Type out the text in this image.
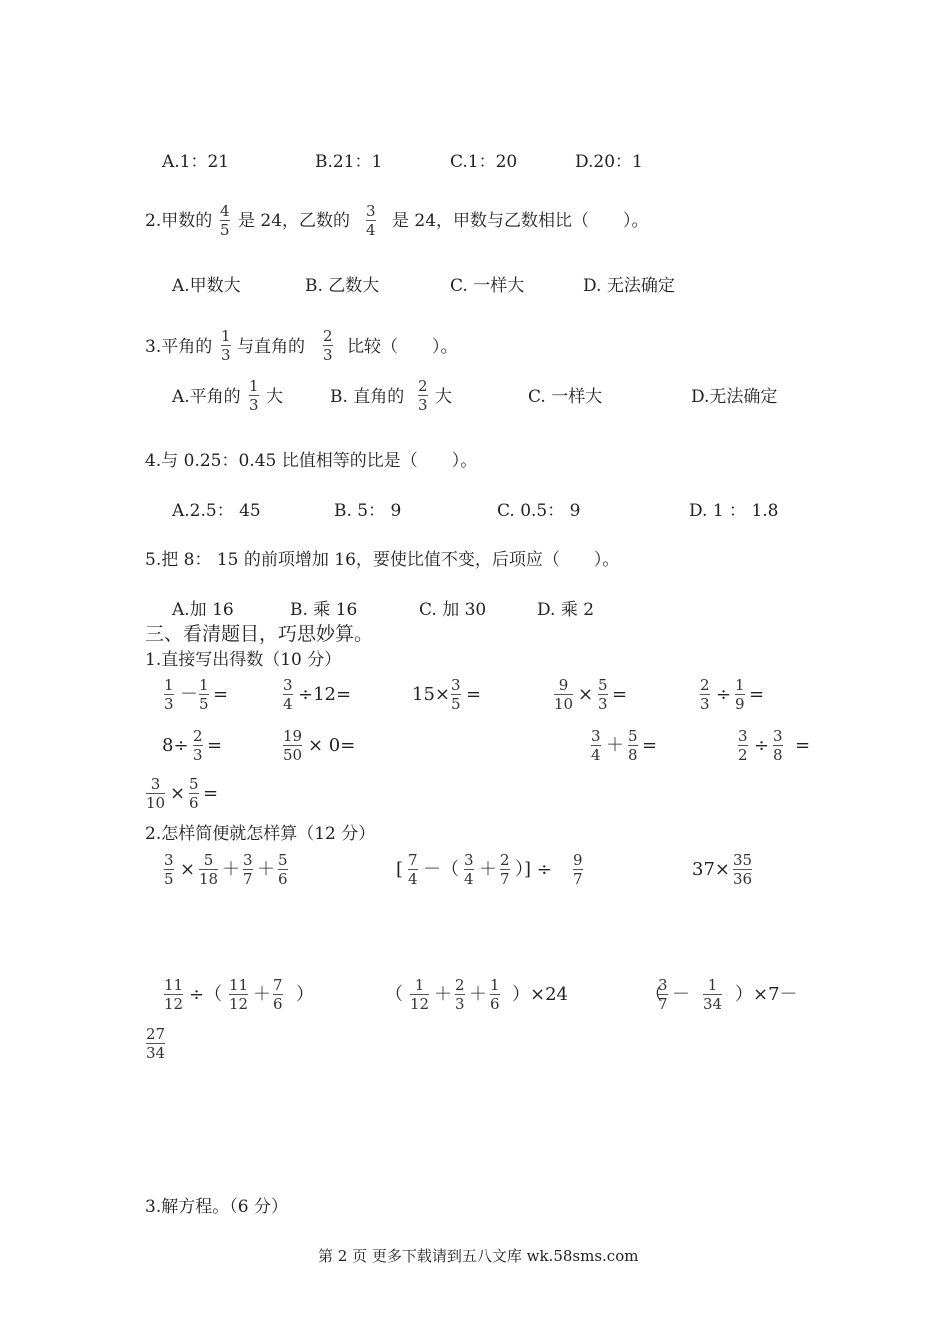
A.1：21	B.21：1	C.1：20	D.20：1
2.甲数的 4
5 是 24，乙数的 3
4 是 24，甲数与乙数相比（　　）。
A.甲数大	B. 乙数大	C. 一样大	D. 无法确定
3.平角的
1
3 与直角的
2
3 比较（　　）。
A.平角的
1
3 大	B. 直角的
2
3 大	C. 一样大	D.无法确定
4.与 0.25：0.45 比值相等的比是（　　）。
A.2.5： 45	B. 5： 9	C. 0.5： 9	D. 1 ： 1.8
5.把 8： 15 的前项增加 16，要使比值不变，后项应（　　）。
A.加 16	B. 乘 16	C. 加 30	D. 乘 2
三、看清题目，巧思妙算。
1.直接写出得数（10 分）
1
3 － 1
5 =	3
4 ÷12=	15× 3
5 =	9
10 × 5
3 =	2
3 ÷ 1
9 =
8÷ 2
3 =	19
50 × 0=	3
4 ＋ 5
8 =	3
2 ÷ 3
8 =
3
10 × 5
6 =
2.怎样简便就怎样算（12 分）
3
5 × 5
18 ＋ 3
7 ＋ 5
6	[ 7
4 －（ 3
4 ＋ 2
7 ）] ÷ 9
7	37× 35
36
11
12 ÷（ 11
12 ＋ 7
6 ）	（ 1
12 ＋ 2
3 ＋ 1
6 ）×24	（
3
7 －	1
34 ）×7－
27
34
3.解方程。（6 分）
第 2 页 更多下载请到五八文库 wk.58sms.com
